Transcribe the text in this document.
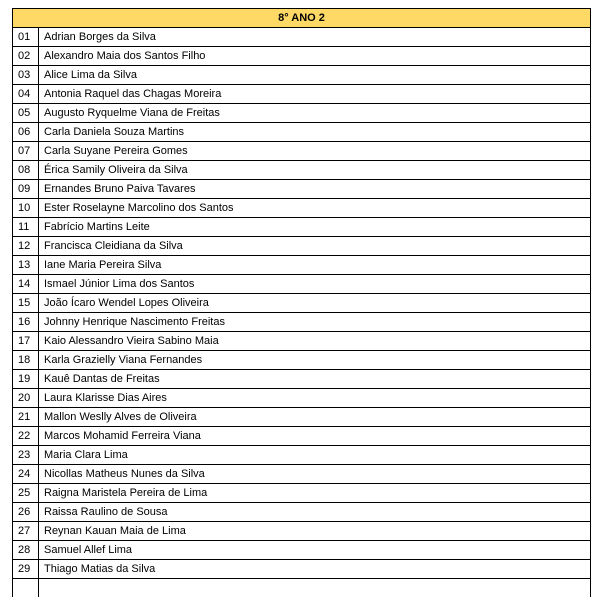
8° ANO 2	
01	Adrian Borges da Silva
02	Alexandro Maia dos Santos Filho
03	Alice Lima da Silva
04	Antonia Raquel das Chagas Moreira
05	Augusto Ryquelme Viana de Freitas
06	Carla Daniela Souza Martins
07	Carla Suyane Pereira Gomes
08	Érica Samily Oliveira da Silva
09	Ernandes Bruno Paiva Tavares
10	Ester Roselayne Marcolino dos Santos
11	Fabrício Martins Leite
12	Francisca Cleidiana da Silva
13	Iane Maria Pereira Silva
14	Ismael Júnior Lima dos Santos
15	João Ícaro Wendel Lopes Oliveira
16	Johnny Henrique Nascimento Freitas
17	Kaio Alessandro Vieira Sabino Maia
18	Karla Grazielly Viana Fernandes
19	Kauê Dantas de Freitas
20	Laura Klarisse Dias Aires
21	Mallon Weslly Alves de Oliveira
22	Marcos Mohamid Ferreira Viana
23	Maria Clara Lima
24	Nicollas Matheus Nunes da Silva
25	Raigna Maristela Pereira de Lima
26	Raissa Raulino de Sousa
27	Reynan Kauan Maia de Lima
28	Samuel Allef Lima
29	Thiago Matias da Silva
